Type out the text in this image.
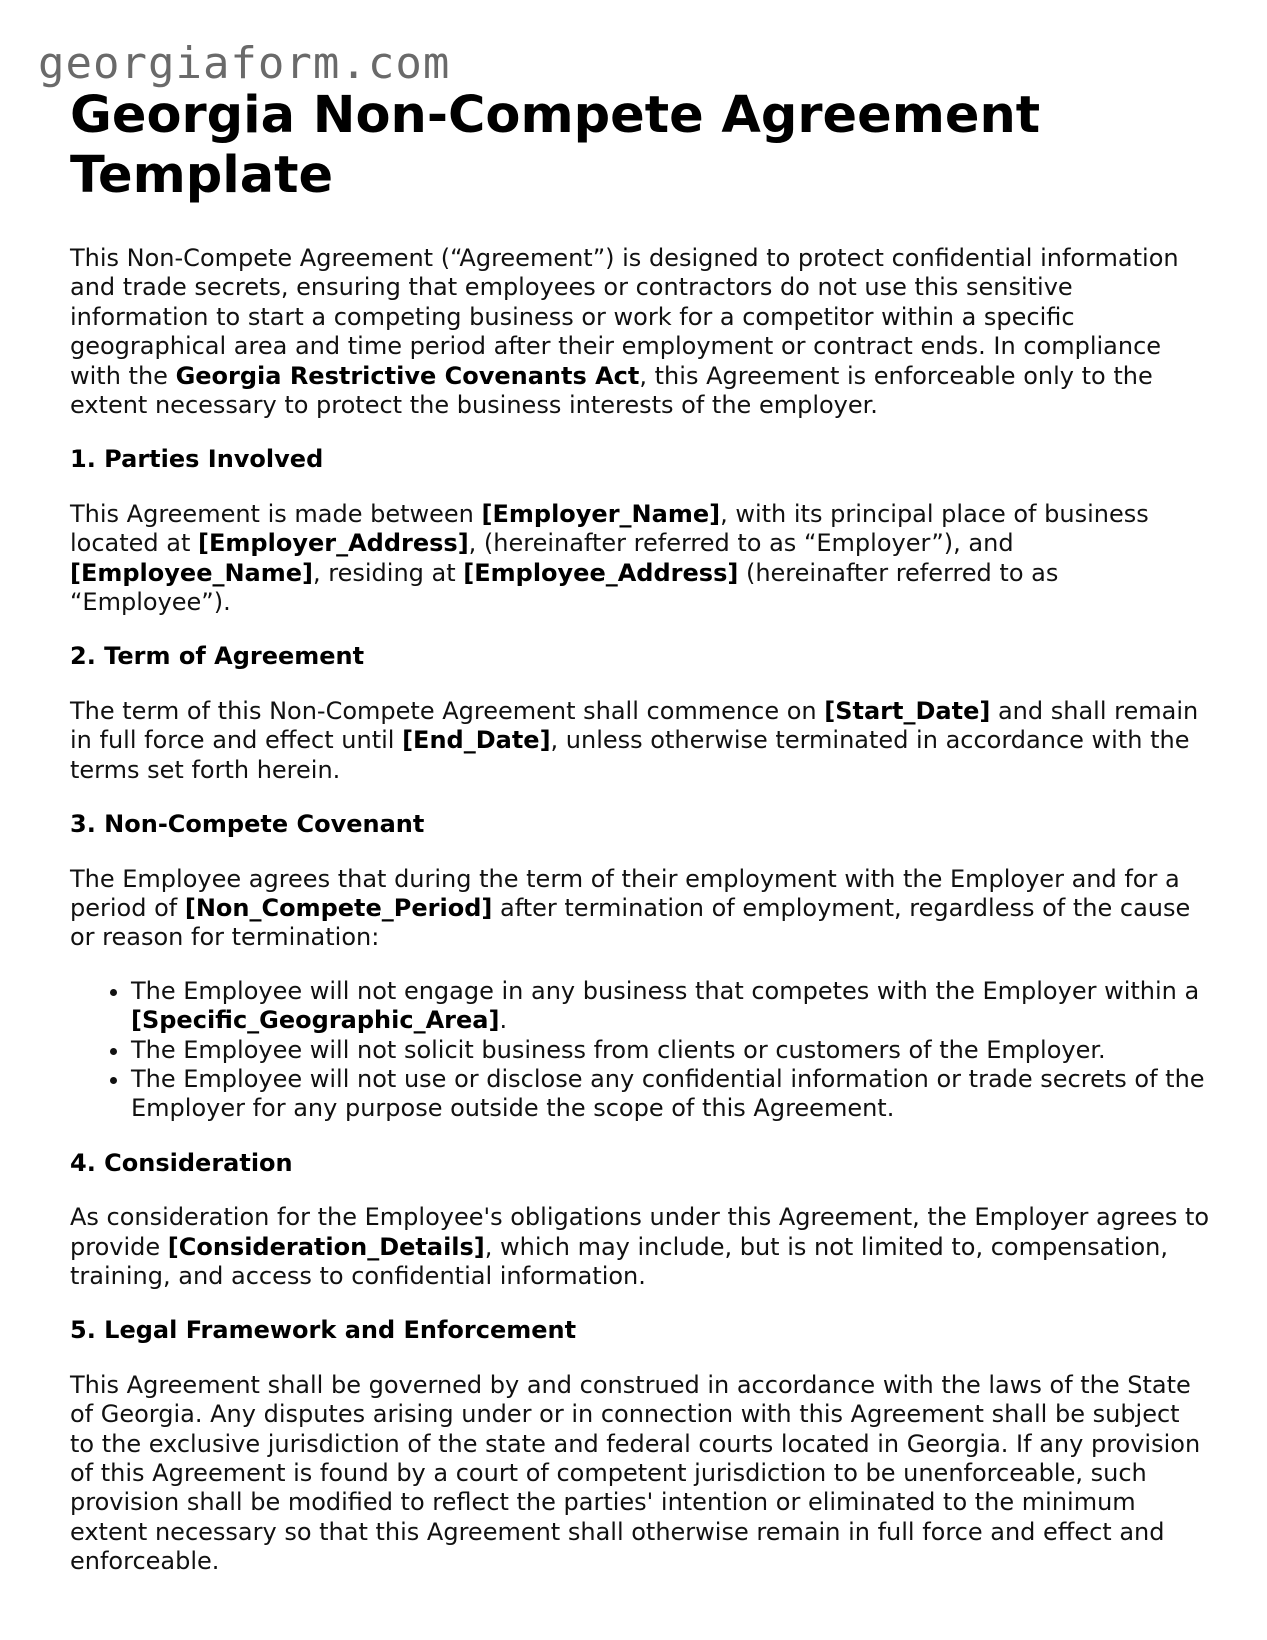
georgiaform.com
Georgia Non-Compete Agreement Template

This Non-Compete Agreement (“Agreement”) is designed to protect confidential information and trade secrets, ensuring that employees or contractors do not use this sensitive information to start a competing business or work for a competitor within a specific geographical area and time period after their employment or contract ends. In compliance with the Georgia Restrictive Covenants Act, this Agreement is enforceable only to the extent necessary to protect the business interests of the employer.

1. Parties Involved

This Agreement is made between [Employer_Name], with its principal place of business located at [Employer_Address], (hereinafter referred to as “Employer”), and [Employee_Name], residing at [Employee_Address] (hereinafter referred to as “Employee”).

2. Term of Agreement

The term of this Non-Compete Agreement shall commence on [Start_Date] and shall remain in full force and effect until [End_Date], unless otherwise terminated in accordance with the terms set forth herein.

3. Non-Compete Covenant

The Employee agrees that during the term of their employment with the Employer and for a period of [Non_Compete_Period] after termination of employment, regardless of the cause or reason for termination:

• The Employee will not engage in any business that competes with the Employer within a [Specific_Geographic_Area].
• The Employee will not solicit business from clients or customers of the Employer.
• The Employee will not use or disclose any confidential information or trade secrets of the Employer for any purpose outside the scope of this Agreement.
4. Consideration

As consideration for the Employee's obligations under this Agreement, the Employer agrees to provide [Consideration_Details], which may include, but is not limited to, compensation, training, and access to confidential information.

5. Legal Framework and Enforcement

This Agreement shall be governed by and construed in accordance with the laws of the State of Georgia. Any disputes arising under or in connection with this Agreement shall be subject to the exclusive jurisdiction of the state and federal courts located in Georgia. If any provision of this Agreement is found by a court of competent jurisdiction to be unenforceable, such provision shall be modified to reflect the parties' intention or eliminated to the minimum extent necessary so that this Agreement shall otherwise remain in full force and effect and enforceable.
